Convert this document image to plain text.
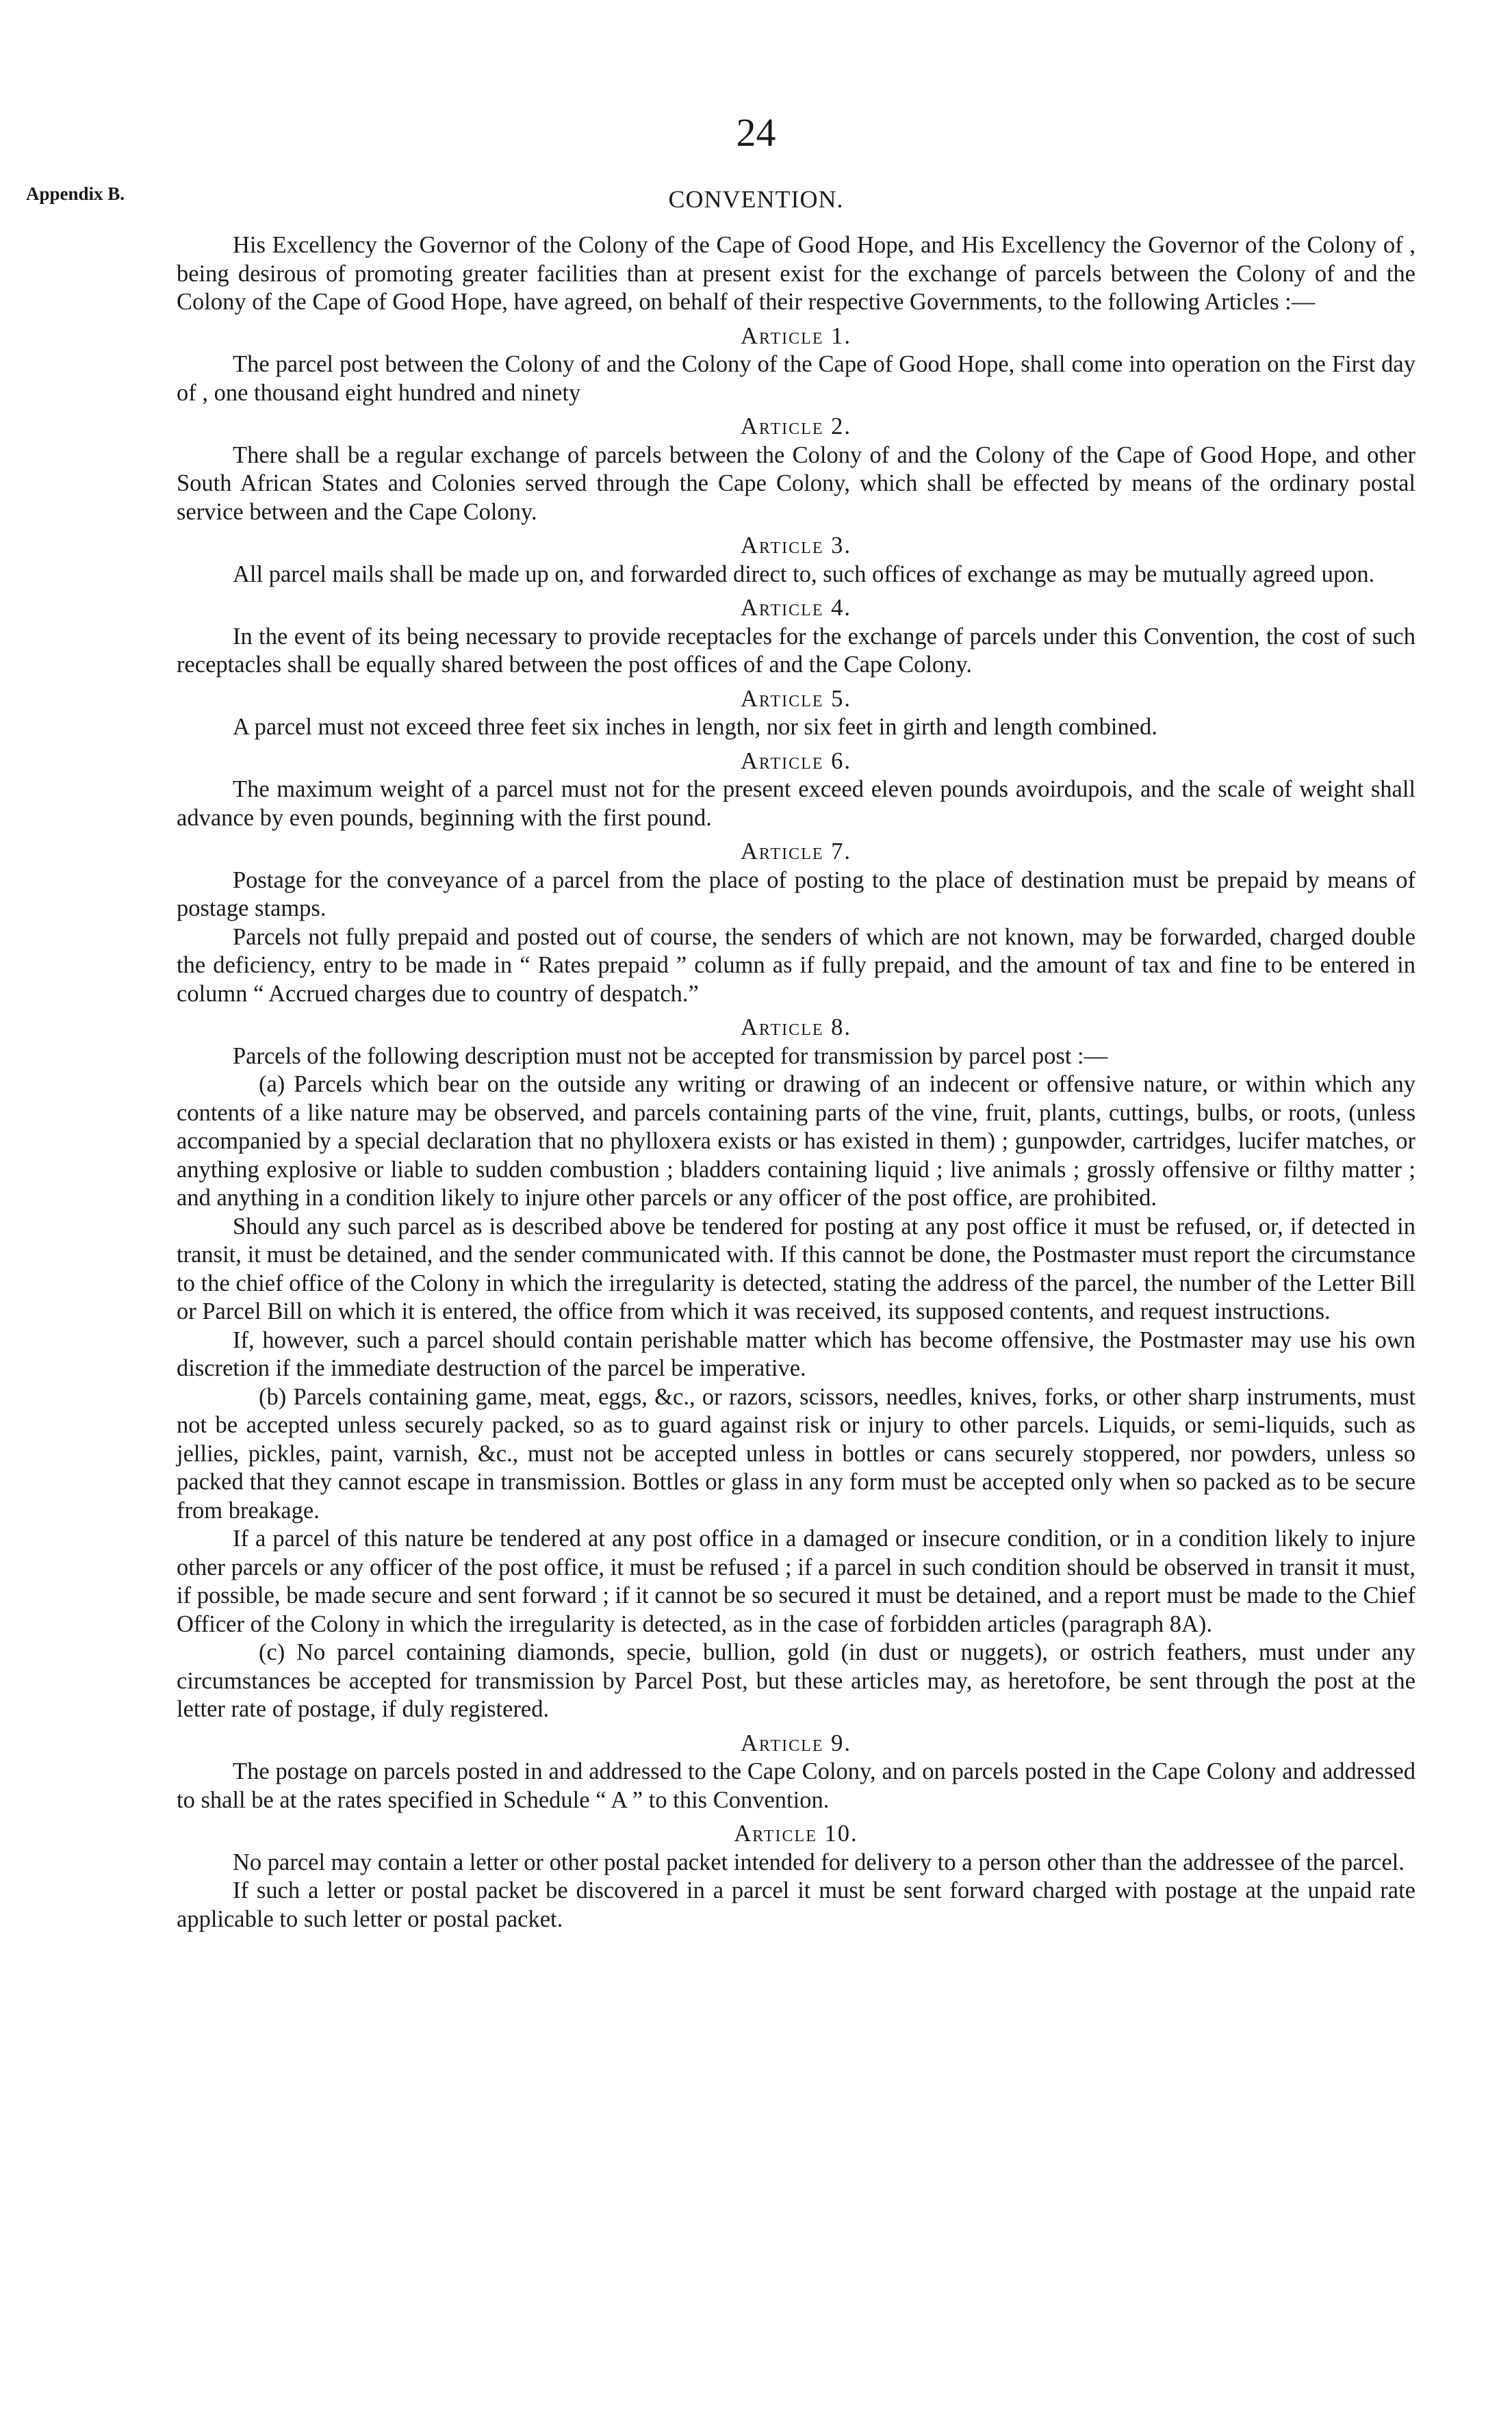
24
Appendix B.	CONVENTION.

His Excellency the Governor of the Colony of the Cape of Good Hope, and His Excellency the Governor of the Colony of , being desirous of promoting greater facilities than at present exist for the exchange of parcels between the Colony of and the Colony of the Cape of Good Hope, have agreed, on behalf of their respective Governments, to the following Articles :—

Article 1.

The parcel post between the Colony of and the Colony of the Cape of Good Hope, shall come into operation on the First day of , one thousand eight hundred and ninety

Article 2.

There shall be a regular exchange of parcels between the Colony of and the Colony of the Cape of Good Hope, and other South African States and Colonies served through the Cape Colony, which shall be effected by means of the ordinary postal service between and the Cape Colony.

Article 3.

All parcel mails shall be made up on, and forwarded direct to, such offices of exchange as may be mutually agreed upon.

Article 4.

In the event of its being necessary to provide receptacles for the exchange of parcels under this Convention, the cost of such receptacles shall be equally shared between the post offices of and the Cape Colony.

Article 5.

A parcel must not exceed three feet six inches in length, nor six feet in girth and length combined.

Article 6.

The maximum weight of a parcel must not for the present exceed eleven pounds avoirdupois, and the scale of weight shall advance by even pounds, beginning with the first pound.

Article 7.

Postage for the conveyance of a parcel from the place of posting to the place of destination must be prepaid by means of postage stamps.

Parcels not fully prepaid and posted out of course, the senders of which are not known, may be forwarded, charged double the deficiency, entry to be made in “ Rates prepaid ” column as if fully prepaid, and the amount of tax and fine to be entered in column “ Accrued charges due to country of despatch.”

Article 8.

Parcels of the following description must not be accepted for transmission by parcel post :—

(a) Parcels which bear on the outside any writing or drawing of an indecent or offensive nature, or within which any contents of a like nature may be observed, and parcels containing parts of the vine, fruit, plants, cuttings, bulbs, or roots, (unless accompanied by a special declaration that no phylloxera exists or has existed in them) ; gunpowder, cartridges, lucifer matches, or anything explosive or liable to sudden combustion ; bladders containing liquid ; live animals ; grossly offensive or filthy matter ; and anything in a condition likely to injure other parcels or any officer of the post office, are prohibited.

Should any such parcel as is described above be tendered for posting at any post office it must be refused, or, if detected in transit, it must be detained, and the sender communicated with. If this cannot be done, the Postmaster must report the circumstance to the chief office of the Colony in which the irregularity is detected, stating the address of the parcel, the number of the Letter Bill or Parcel Bill on which it is entered, the office from which it was received, its supposed contents, and request instructions.

If, however, such a parcel should contain perishable matter which has become offensive, the Postmaster may use his own discretion if the immediate destruction of the parcel be imperative.

(b) Parcels containing game, meat, eggs, &c., or razors, scissors, needles, knives, forks, or other sharp instruments, must not be accepted unless securely packed, so as to guard against risk or injury to other parcels. Liquids, or semi-liquids, such as jellies, pickles, paint, varnish, &c., must not be accepted unless in bottles or cans securely stoppered, nor powders, unless so packed that they cannot escape in transmission. Bottles or glass in any form must be accepted only when so packed as to be secure from breakage.

If a parcel of this nature be tendered at any post office in a damaged or insecure condition, or in a condition likely to injure other parcels or any officer of the post office, it must be refused ; if a parcel in such condition should be observed in transit it must, if possible, be made secure and sent forward ; if it cannot be so secured it must be detained, and a report must be made to the Chief Officer of the Colony in which the irregularity is detected, as in the case of forbidden articles (paragraph 8A).

(c) No parcel containing diamonds, specie, bullion, gold (in dust or nuggets), or ostrich feathers, must under any circumstances be accepted for transmission by Parcel Post, but these articles may, as heretofore, be sent through the post at the letter rate of postage, if duly registered.

Article 9.

The postage on parcels posted in and addressed to the Cape Colony, and on parcels posted in the Cape Colony and addressed to shall be at the rates specified in Schedule “ A ” to this Convention.

Article 10.

No parcel may contain a letter or other postal packet intended for delivery to a person other than the addressee of the parcel.

If such a letter or postal packet be discovered in a parcel it must be sent forward charged with postage at the unpaid rate applicable to such letter or postal packet.
